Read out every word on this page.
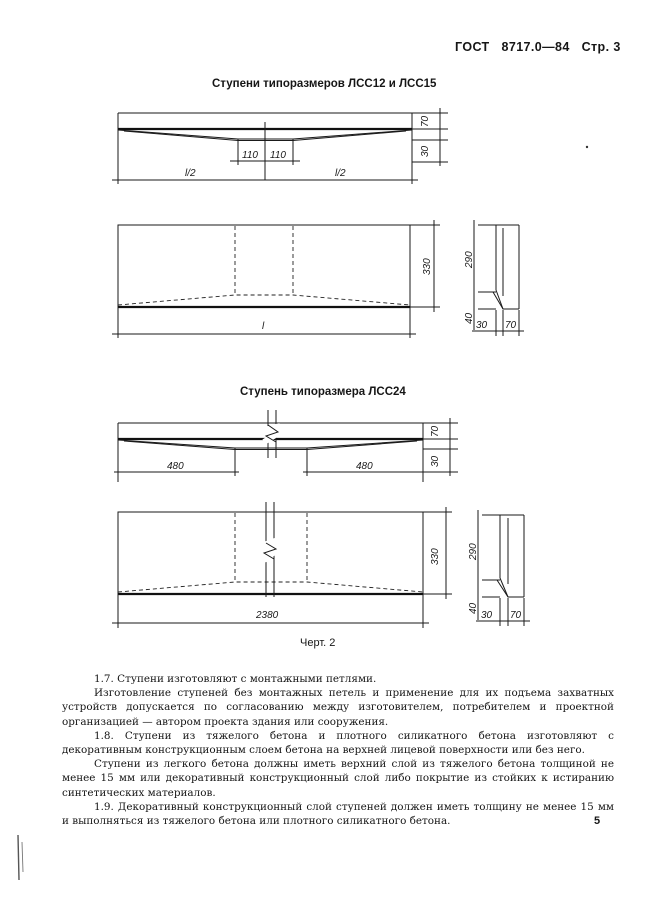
ГОСТ 8717.0—84 Стр. 3
Ступени типоразмеров ЛСС12 и ЛСС15
Ступень типоразмера ЛСС24
70
30
110 110
l/2	l/2
330
l
290
40
30 70
70
30
480	480
330
2380
290
40
30 70
Черт. 2

1.7. Ступени изготовляют с монтажными петлями.

Изготовление ступеней без монтажных петель и применение для их подъема захватных устройств допускается по согласованию между изготовителем, потребителем и проектной организацией — автором проекта здания или сооружения.

1.8. Ступени из тяжелого бетона и плотного силикатного бетона изготовляют с декоративным конструкционным слоем бетона на верхней лицевой поверхности или без него.

Ступени из легкого бетона должны иметь верхний слой из тяжелого бетона толщиной не менее 15 мм или декоративный конструкционный слой либо покрытие из стойких к истиранию синтетических материалов.

1.9. Декоративный конструкционный слой ступеней должен иметь толщину не менее 15 мм и выполняться из тяжелого бетона или плотного силикатного бетона.	5
